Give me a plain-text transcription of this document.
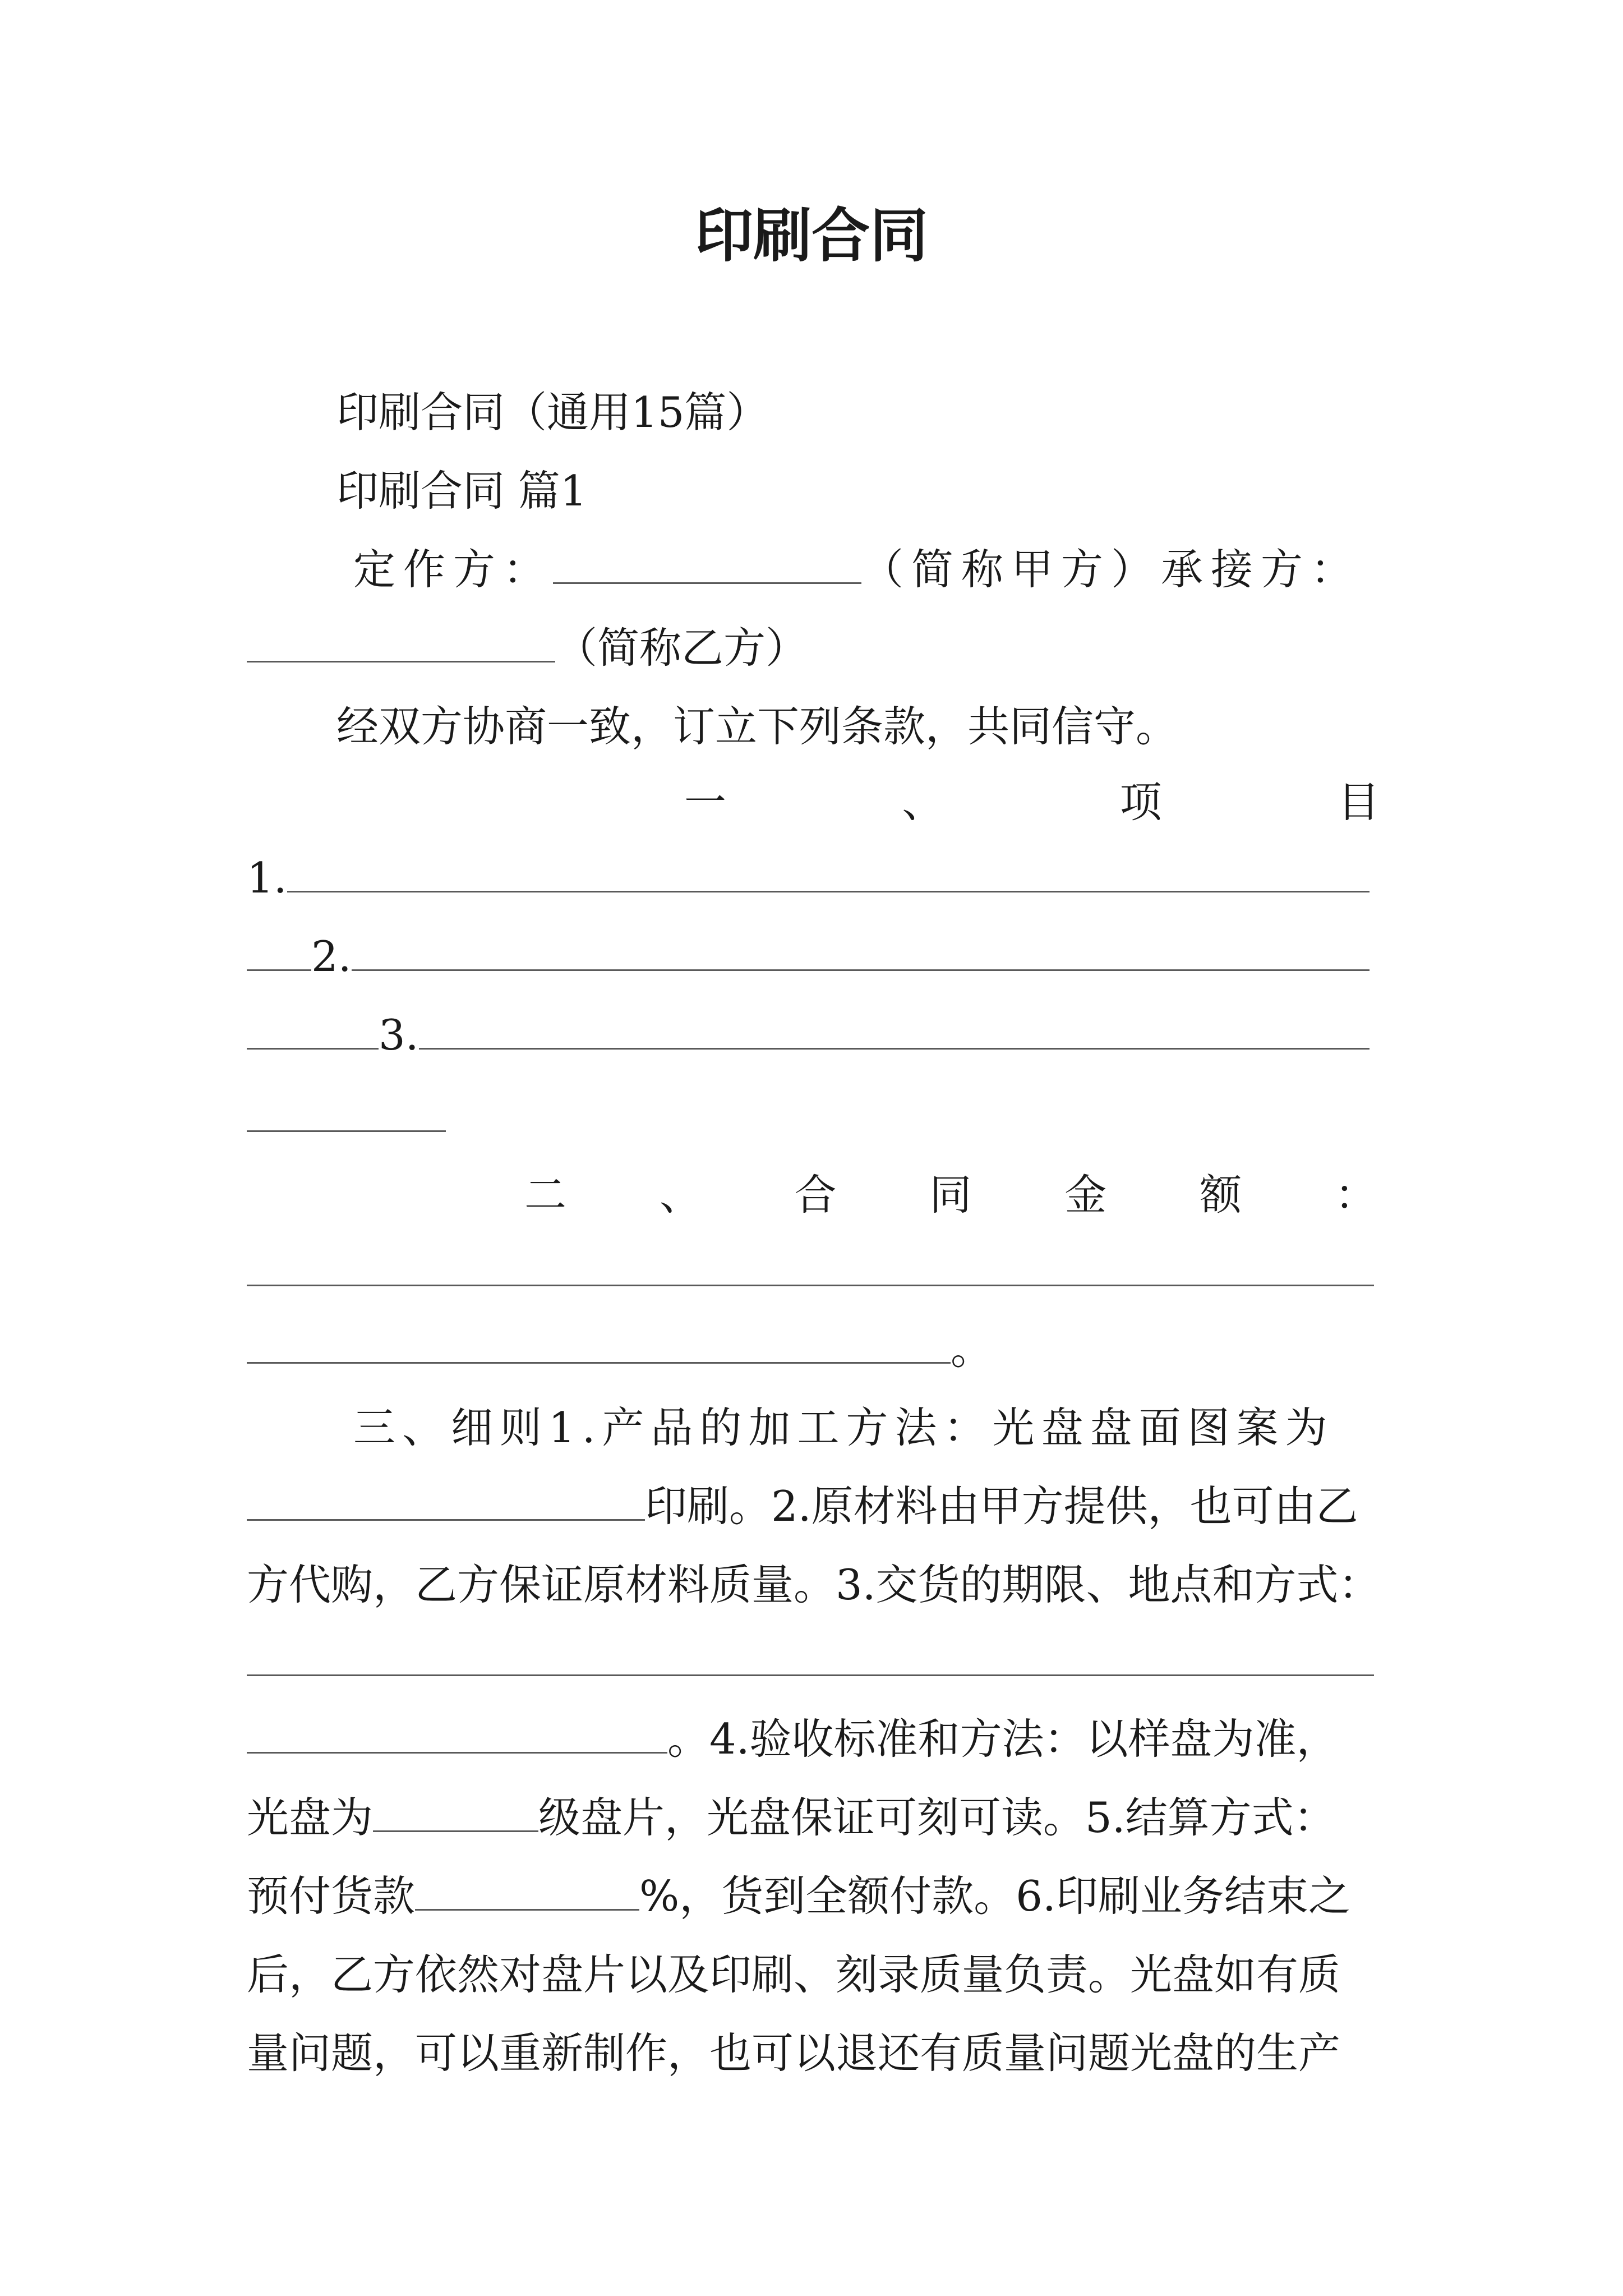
印刷合同
印刷合同（通用15篇）
印刷合同 篇1
定作方：	（简称甲方）承接方：
（简称乙方）
经双方协商一致，订立下列条款，共同信守。
一	、	项	目
1.
2.
3.
二 、 合 同 金 额 ：
。
三、细则1.产品的加工方法：光盘盘面图案为
印刷。2.原材料由甲方提供，也可由乙
方代购，乙方保证原材料质量。3.交货的期限、地点和方式：
。4.验收标准和方法：以样盘为准，
光盘为	级盘片，光盘保证可刻可读。5.结算方式：
预付货款	%，货到全额付款。6.印刷业务结束之
后，乙方依然对盘片以及印刷、刻录质量负责。光盘如有质
量问题，可以重新制作，也可以退还有质量问题光盘的生产
